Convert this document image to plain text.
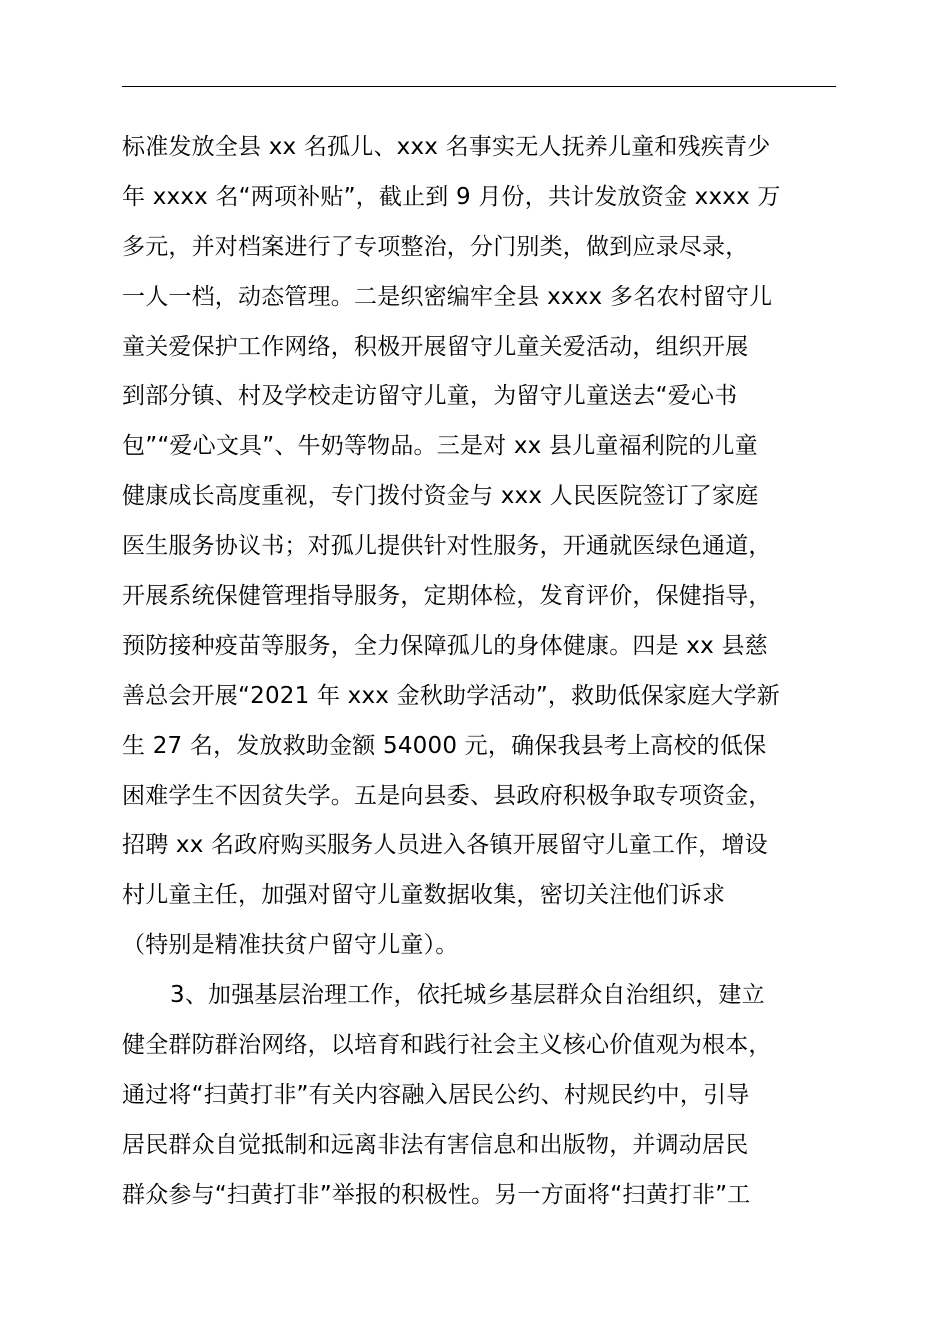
标准发放全县 xx 名孤儿、xxx 名事实无人抚养儿童和残疾青少
年 xxxx 名“两项补贴”，截止到 9 月份，共计发放资金 xxxx 万
多元，并对档案进行了专项整治，分门别类，做到应录尽录，
一人一档，动态管理。二是织密编牢全县 xxxx 多名农村留守儿
童关爱保护工作网络，积极开展留守儿童关爱活动，组织开展
到部分镇、村及学校走访留守儿童，为留守儿童送去“爱心书
包”“爱心文具”、牛奶等物品。三是对 xx 县儿童福利院的儿童
健康成长高度重视，专门拨付资金与 xxx 人民医院签订了家庭
医生服务协议书；对孤儿提供针对性服务，开通就医绿色通道，
开展系统保健管理指导服务，定期体检，发育评价，保健指导，
预防接种疫苗等服务，全力保障孤儿的身体健康。四是 xx 县慈
善总会开展“2021 年 xxx 金秋助学活动”，救助低保家庭大学新
生 27 名，发放救助金额 54000 元，确保我县考上高校的低保
困难学生不因贫失学。五是向县委、县政府积极争取专项资金，
招聘 xx 名政府购买服务人员进入各镇开展留守儿童工作，增设
村儿童主任，加强对留守儿童数据收集，密切关注他们诉求
（特别是精准扶贫户留守儿童）。
3、加强基层治理工作，依托城乡基层群众自治组织，建立
健全群防群治网络，以培育和践行社会主义核心价值观为根本，
通过将“扫黄打非”有关内容融入居民公约、村规民约中，引导
居民群众自觉抵制和远离非法有害信息和出版物，并调动居民
群众参与“扫黄打非”举报的积极性。另一方面将“扫黄打非”工
